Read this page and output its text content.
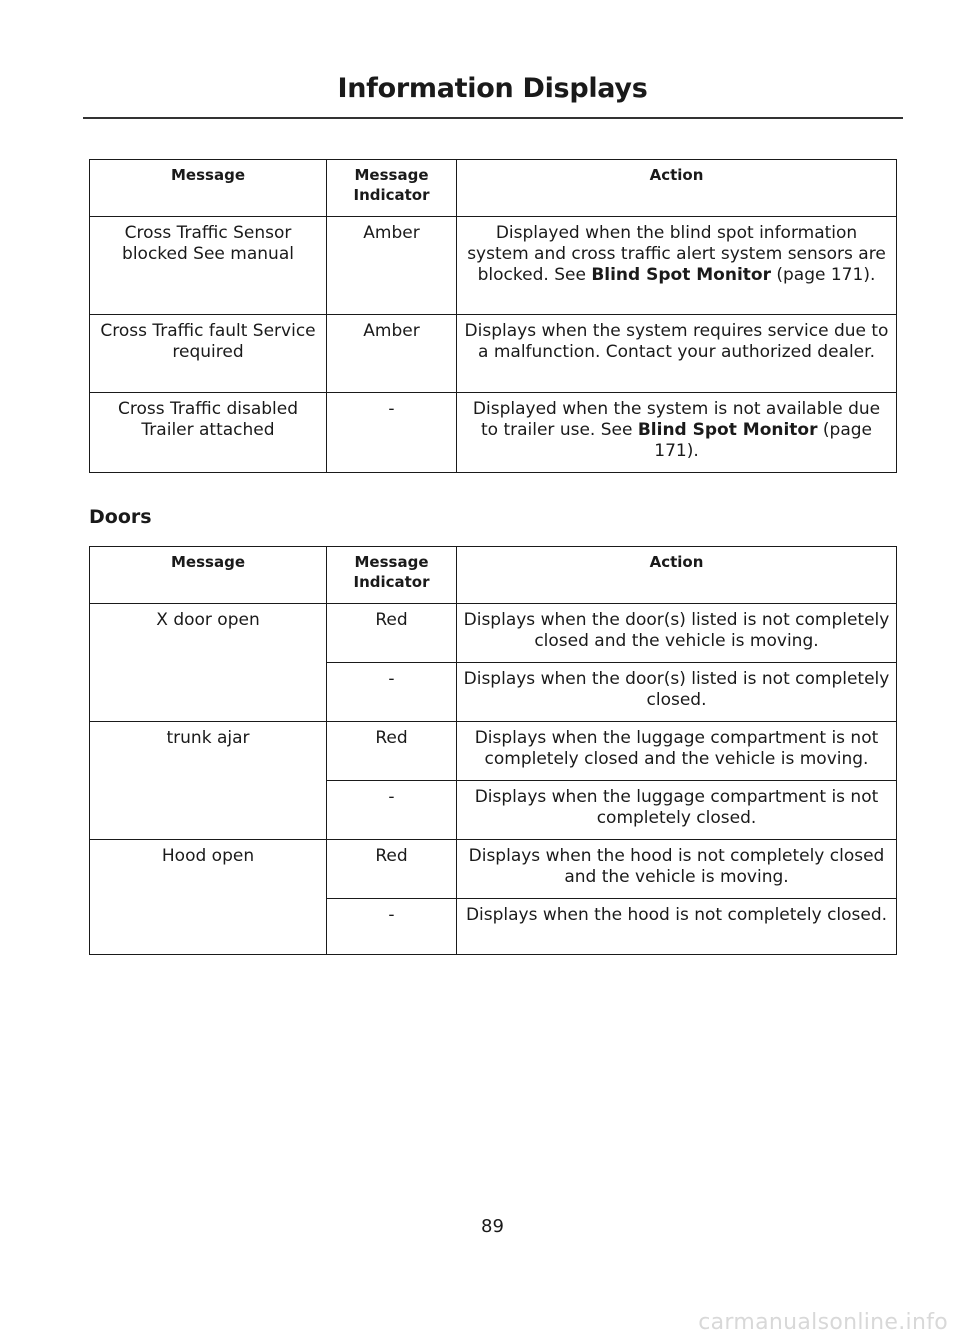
Information Displays
Message	Message Indicator	Action
Cross Traffic Sensor blocked See manual	Amber	Displayed when the blind spot information system and cross traffic alert system sensors are blocked. See Blind Spot Monitor (page 171).
Cross Traffic fault Service required	Amber	Displays when the system requires service due to a malfunction. Contact your authorized dealer.
Cross Traffic disabled Trailer attached	-	Displayed when the system is not available due to trailer use. See Blind Spot Monitor (page 171).
Doors
Message	Message Indicator	Action
X door open	Red	Displays when the door(s) listed is not completely closed and the vehicle is moving.
	-	Displays when the door(s) listed is not completely closed.
trunk ajar	Red	Displays when the luggage compartment is not completely closed and the vehicle is moving.
	-	Displays when the luggage compartment is not completely closed.
Hood open	Red	Displays when the hood is not completely closed and the vehicle is moving.
	-	Displays when the hood is not completely closed.
89
carmanualsonline.info
